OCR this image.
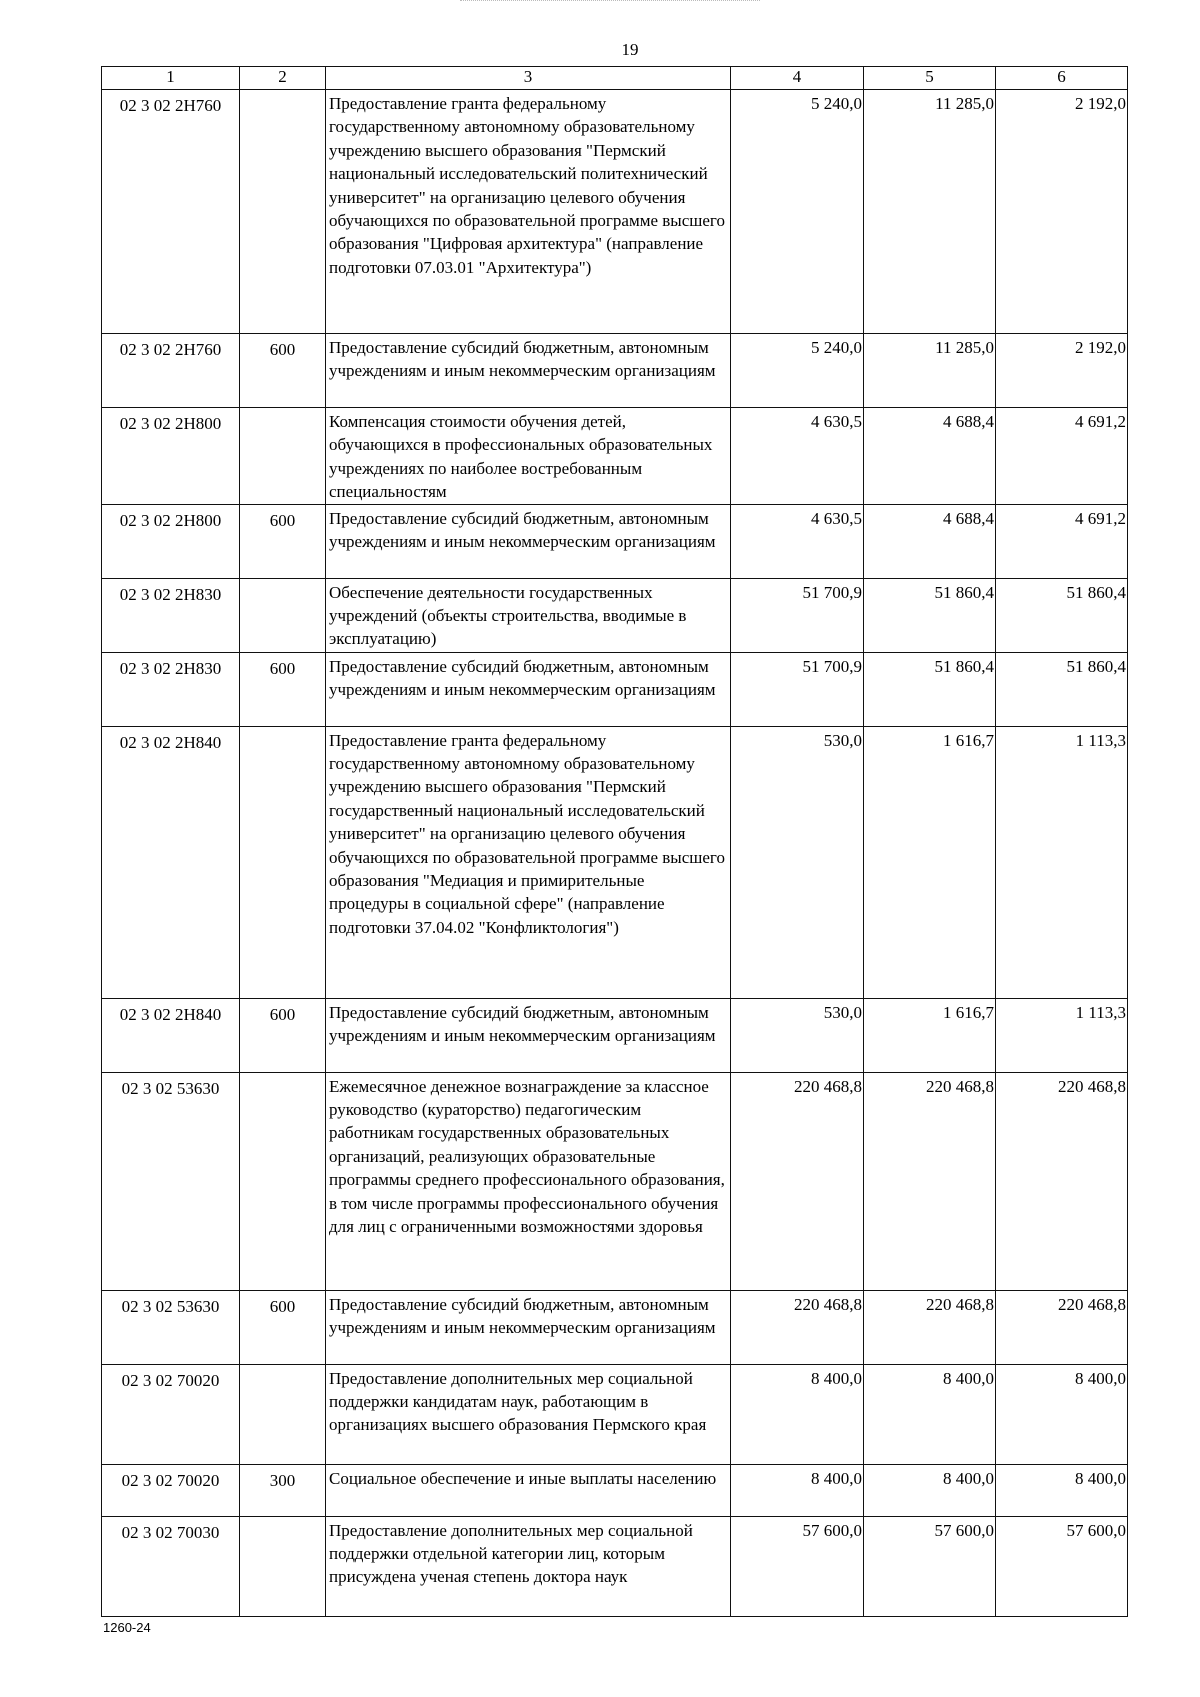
19
1	2	3	4	5	6
02 3 02 2Н760		Предоставление гранта федеральному государственному автономному образовательному учреждению высшего образования "Пермский национальный исследовательский политехнический университет" на организацию целевого обучения обучающихся по образовательной программе высшего образования "Цифровая архитектура" (направление подготовки 07.03.01 "Архитектура")	5 240,0	11 285,0	2 192,0
02 3 02 2Н760	600	Предоставление субсидий бюджетным, автономным учреждениям и иным некоммерческим организациям	5 240,0	11 285,0	2 192,0
02 3 02 2Н800		Компенсация стоимости обучения детей, обучающихся в профессиональных образовательных учреждениях по наиболее востребованным специальностям	4 630,5	4 688,4	4 691,2
02 3 02 2Н800	600	Предоставление субсидий бюджетным, автономным учреждениям и иным некоммерческим организациям	4 630,5	4 688,4	4 691,2
02 3 02 2Н830		Обеспечение деятельности государственных учреждений (объекты строительства, вводимые в эксплуатацию)	51 700,9	51 860,4	51 860,4
02 3 02 2Н830	600	Предоставление субсидий бюджетным, автономным учреждениям и иным некоммерческим организациям	51 700,9	51 860,4	51 860,4
02 3 02 2Н840		Предоставление гранта федеральному государственному автономному образовательному учреждению высшего образования "Пермский государственный национальный исследовательский университет" на организацию целевого обучения обучающихся по образовательной программе высшего образования "Медиация и примирительные процедуры в социальной сфере" (направление подготовки 37.04.02 "Конфликтология")	530,0	1 616,7	1 113,3
02 3 02 2Н840	600	Предоставление субсидий бюджетным, автономным учреждениям и иным некоммерческим организациям	530,0	1 616,7	1 113,3
02 3 02 53630		Ежемесячное денежное вознаграждение за классное руководство (кураторство) педагогическим работникам государственных образовательных организаций, реализующих образовательные программы среднего профессионального образования, в том числе программы профессионального обучения для лиц с ограниченными возможностями здоровья	220 468,8	220 468,8	220 468,8
02 3 02 53630	600	Предоставление субсидий бюджетным, автономным учреждениям и иным некоммерческим организациям	220 468,8	220 468,8	220 468,8
02 3 02 70020		Предоставление дополнительных мер социальной поддержки кандидатам наук, работающим в организациях высшего образования Пермского края	8 400,0	8 400,0	8 400,0
02 3 02 70020	300	Социальное обеспечение и иные выплаты населению	8 400,0	8 400,0	8 400,0
02 3 02 70030		Предоставление дополнительных мер социальной поддержки отдельной категории лиц, которым присуждена ученая степень доктора наук	57 600,0	57 600,0	57 600,0
1260-24
